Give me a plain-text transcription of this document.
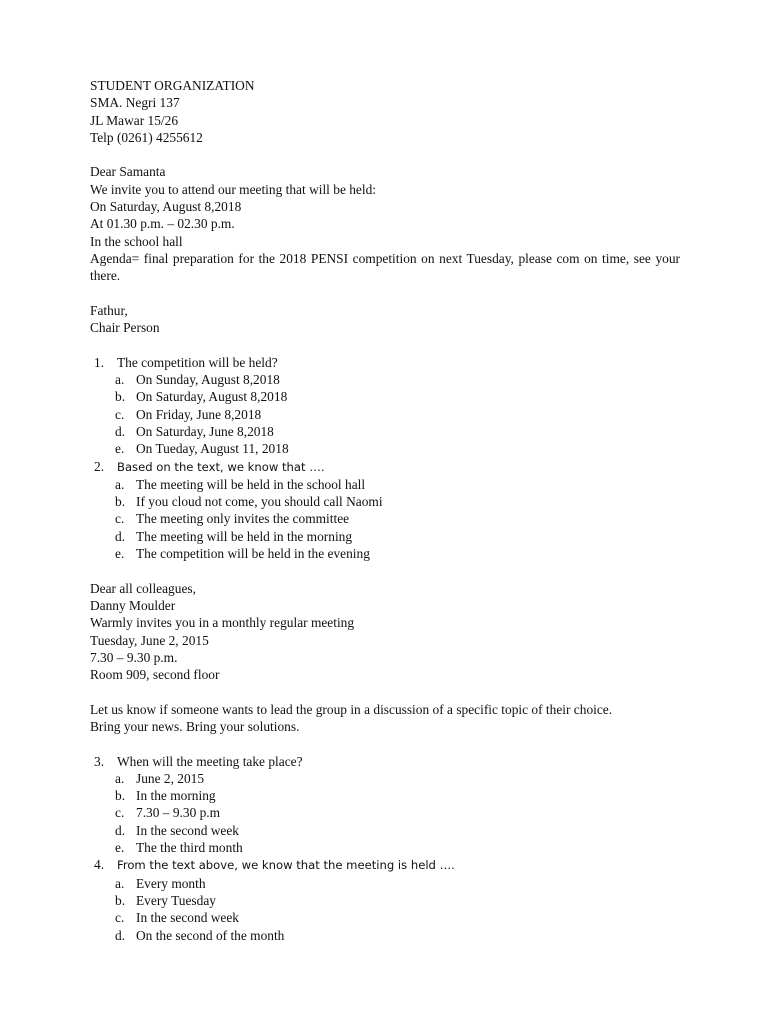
STUDENT ORGANIZATION
SMA. Negri 137
JL Mawar 15/26
Telp (0261) 4255612
Dear Samanta
We invite you to attend our meeting that will be held:
On Saturday, August 8,2018
At 01.30 p.m. – 02.30 p.m.
In the school hall
Agenda= final preparation for the 2018 PENSI competition on next Tuesday, please com on time, see your there.
Fathur,
Chair Person
1. The competition will be held?
a. On Sunday, August 8,2018
b. On Saturday, August 8,2018
c. On Friday, June 8,2018
d. On Saturday, June 8,2018
e. On Tueday, August 11, 2018
2. Based on the text, we know that ….
a. The meeting will be held in the school hall
b. If you cloud not come, you should call Naomi
c. The meeting only invites the committee
d. The meeting will be held in the morning
e. The competition will be held in the evening
Dear all colleagues,
Danny Moulder
Warmly invites you in a monthly regular meeting
Tuesday, June 2, 2015
7.30 – 9.30 p.m.
Room 909, second floor
Let us know if someone wants to lead the group in a discussion of a specific topic of their choice.
Bring your news. Bring your solutions.
3. When will the meeting take place?
a. June 2, 2015
b. In the morning
c. 7.30 – 9.30 p.m
d. In the second week
e. The the third month
4. From the text above, we know that the meeting is held ….
a. Every month
b. Every Tuesday
c. In the second week
d. On the second of the month
